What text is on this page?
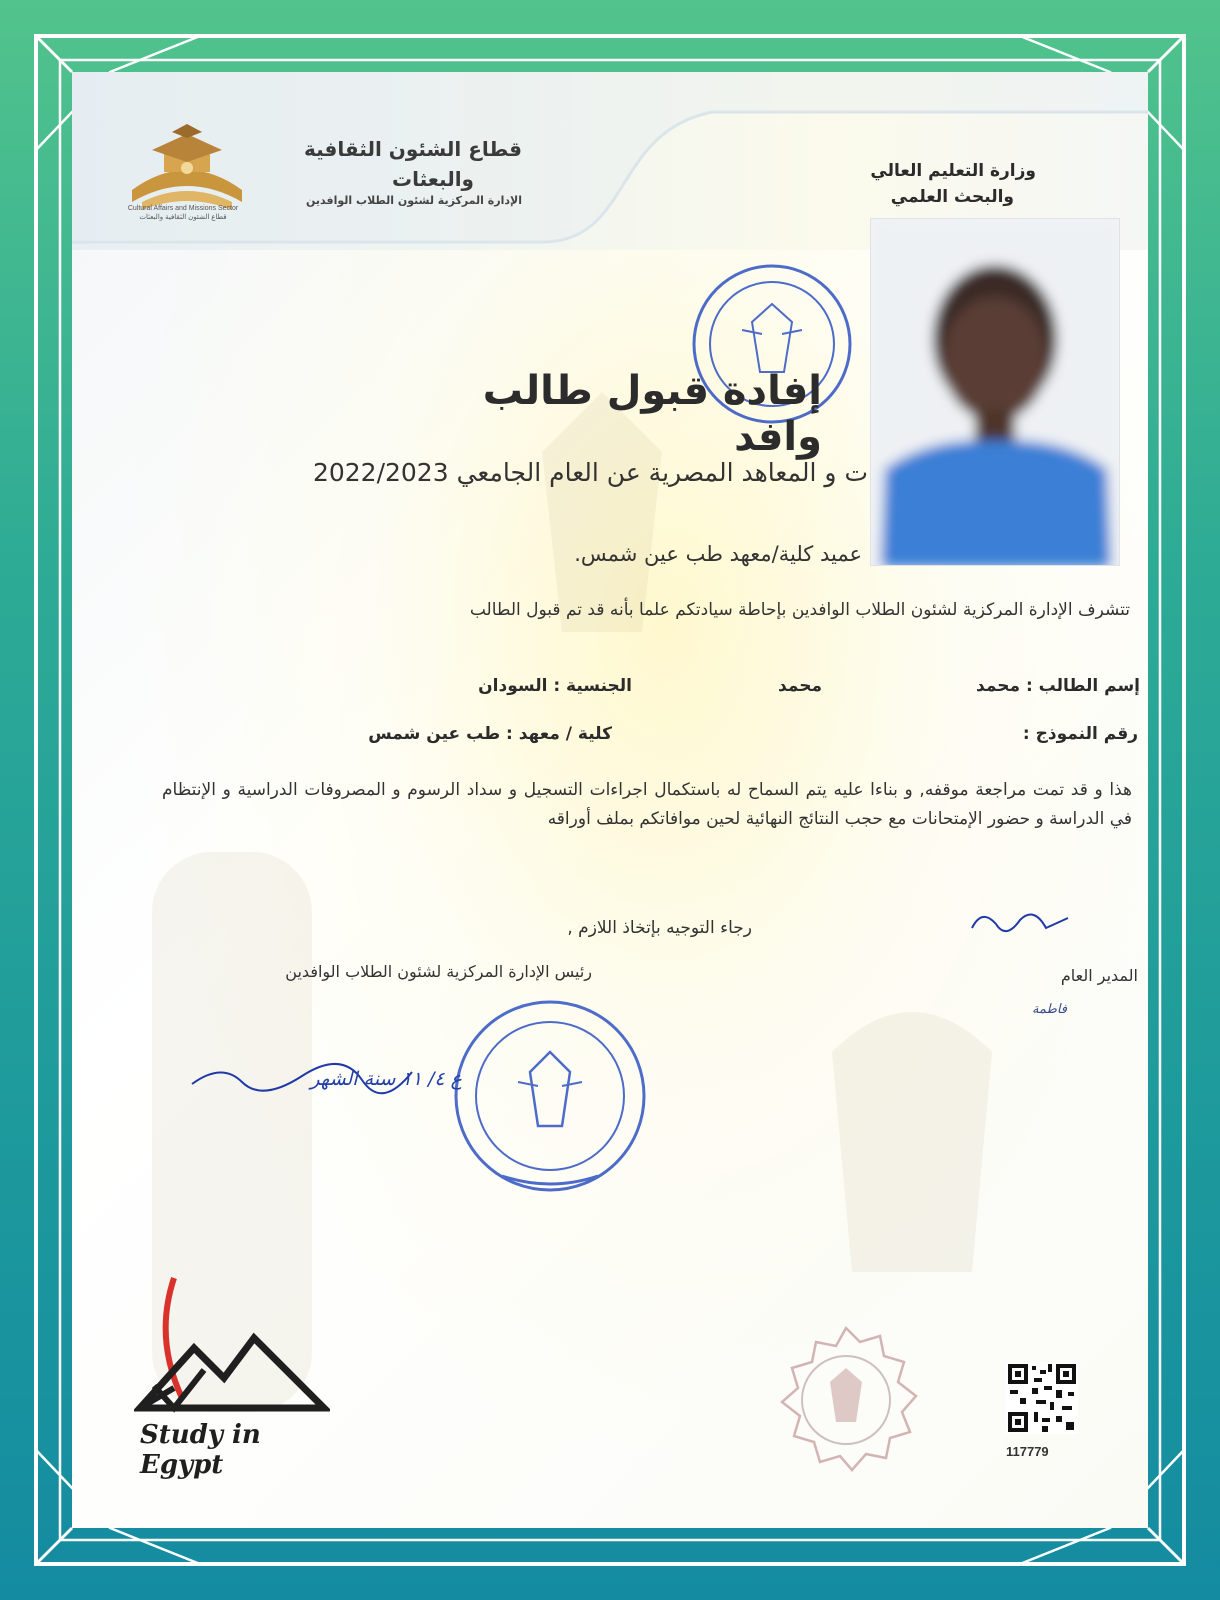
Cultural Affairs and Missions Sector
قطاع الشئون الثقافية والبعثات
قطاع الشئون الثقافية
والبعثات
الإدارة المركزية لشئون الطلاب الوافدين
وزارة التعليم العالي
والبحث العلمي
فاطمة
ع ٤/ ١١ سنة الشهر
إفادة قبول طالب وافد
ت و المعاهد المصرية عن العام الجامعي 2022/2023
عميد كلية/معهد طب عين شمس.
تتشرف الإدارة المركزية لشئون الطلاب الوافدين بإحاطة سيادتكم علما بأنه قد تم قبول الطالب
إسم الطالب : محمد
محمد
الجنسية : السودان
رقم النموذج :
كلية / معهد : طب عين شمس
هذا و قد تمت مراجعة موقفه, و بناءا عليه يتم السماح له باستكمال اجراءات التسجيل و سداد الرسوم و المصروفات الدراسية و الإنتظام في الدراسة و حضور الإمتحانات مع حجب النتائج النهائية لحين موافاتكم بملف أوراقه
رجاء التوجيه بإتخاذ اللازم ,
المدير العام
رئيس الإدارة المركزية لشئون الطلاب الوافدين
Study in Egypt	117779
